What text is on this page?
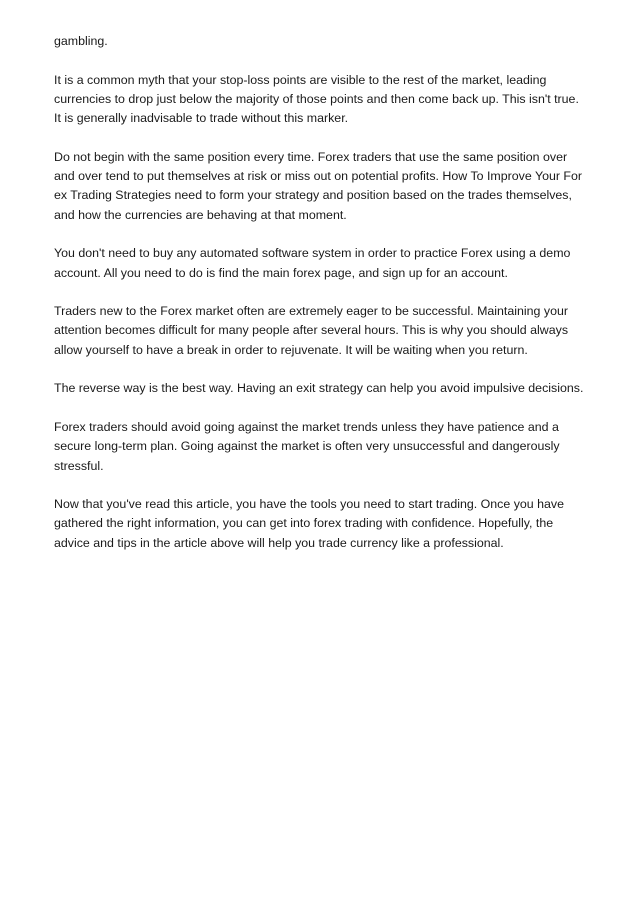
gambling.

It is a common myth that your stop-loss points are visible to the rest of the market, leading currencies to drop just below the majority of those points and then come back up. This isn't true. It is generally inadvisable to trade without this marker.

Do not begin with the same position every time. Forex traders that use the same position over and over tend to put themselves at risk or miss out on potential profits. How To Improve Your For ex Trading Strategies need to form your strategy and position based on the trades themselves, and how the currencies are behaving at that moment.

You don't need to buy any automated software system in order to practice Forex using a demo account. All you need to do is find the main forex page, and sign up for an account.

Traders new to the Forex market often are extremely eager to be successful. Maintaining your attention becomes difficult for many people after several hours. This is why you should always allow yourself to have a break in order to rejuvenate. It will be waiting when you return.

The reverse way is the best way. Having an exit strategy can help you avoid impulsive decisions.

Forex traders should avoid going against the market trends unless they have patience and a secure long-term plan. Going against the market is often very unsuccessful and dangerously stressful.

Now that you've read this article, you have the tools you need to start trading. Once you have gathered the right information, you can get into forex trading with confidence. Hopefully, the advice and tips in the article above will help you trade currency like a professional.
